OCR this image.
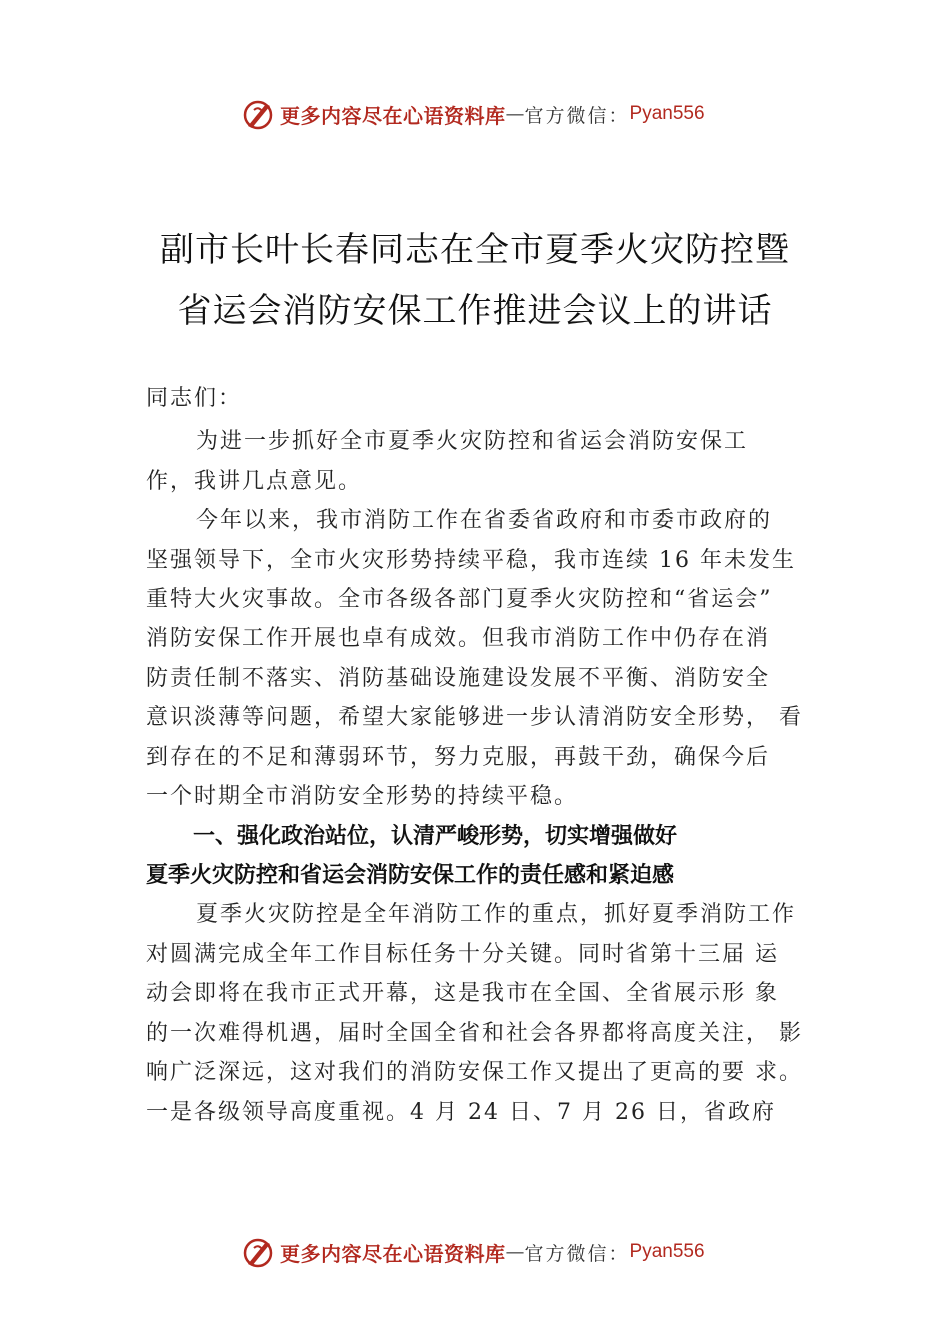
更多内容尽在心语资料库 — 官方微信： Pyan556
副市长叶长春同志在全市夏季火灾防控暨
省运会消防安保工作推进会议上的讲话
同志们：
为进一步抓好全市夏季火灾防控和省运会消防安保工
作，我讲几点意见。
今年以来，我市消防工作在省委省政府和市委市政府的
坚强领导下，全市火灾形势持续平稳，我市连续 16 年未发生
重特大火灾事故。全市各级各部门夏季火灾防控和“省运会”
消防安保工作开展也卓有成效。但我市消防工作中仍存在消
防责任制不落实、消防基础设施建设发展不平衡、消防安全
意识淡薄等问题，希望大家能够进一步认清消防安全形势， 看
到存在的不足和薄弱环节，努力克服，再鼓干劲，确保今后
一个时期全市消防安全形势的持续平稳。
一、强化政治站位，认清严峻形势，切实增强做好
夏季火灾防控和省运会消防安保工作的责任感和紧迫感
夏季火灾防控是全年消防工作的重点，抓好夏季消防工作
对圆满完成全年工作目标任务十分关键。同时省第十三届 运
动会即将在我市正式开幕，这是我市在全国、全省展示形 象
的一次难得机遇，届时全国全省和社会各界都将高度关注， 影
响广泛深远，这对我们的消防安保工作又提出了更高的要 求。
一是各级领导高度重视。4 月 24 日、7 月 26 日，省政府
更多内容尽在心语资料库 — 官方微信： Pyan556
